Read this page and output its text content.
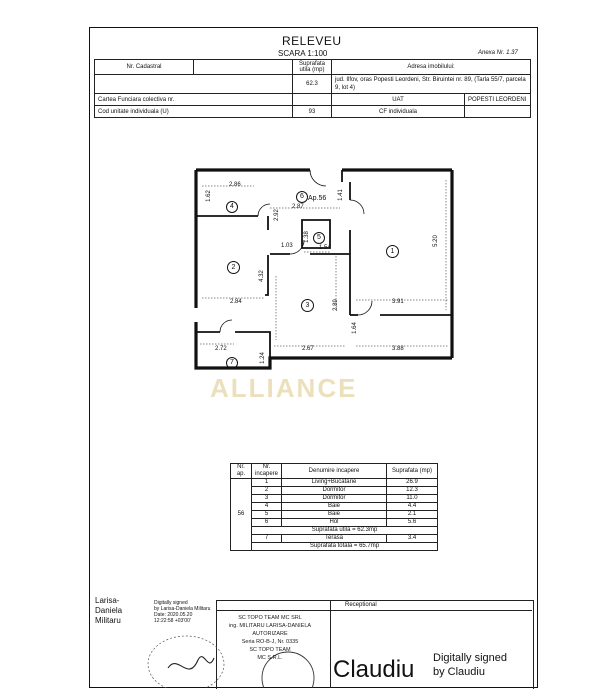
RELEVEU
SCARA 1:100	Anexa Nr. 1.37
Nr. Cadastral		Suprafata utila (mp)	Adresa imobilului:	
		62.3	jud. Ilfov, oras Popesti Leordeni, Str. Biruintei nr. 89, (Tarla 55/7, parcela 9, lot 4)	
Cartea Funciara colectiva nr.			UAT	POPESTI LEORDENI
Cod unitate individuala (U)		93	CF individuala	
Ap.56
1
2
3
4
5
6
7
2.86
1.62
2.87
2.92
1.41
1.38
1.54
1.03	5.20
4.32
2.84	2.89	3.91
1.64
2.72
1.24
2.67	3.88
ALLIANCE
Nr. ap.	Nr. incapere	Denumire incapere	Suprafata (mp)
56	1	Living+Bucatarie	26.9
	2	Dormitor	12.3
	3	Dormitor	11.0
	4	Baie	4.4
	5	Baie	2.1
	6	Hol	5.6
	Suprafata utila = 62.3mp		
	7	Terasa	3.4
	Suprafata totala = 65.7mp		
Larisa-
Daniela
Militaru
Digitally signed
by Larisa-Daniela Militaru
Date: 2020.05.20
12:22:58 +03'00'
Receptional
SC TOPO TEAM MC SRL
ing. MILITARU LARISA-DANIELA
AUTORIZARE
Seria RO-B-J, Nr. 0335
SC TOPO TEAM
MC S.R.L.	Claudiu Digitally signed
by Claudiu
